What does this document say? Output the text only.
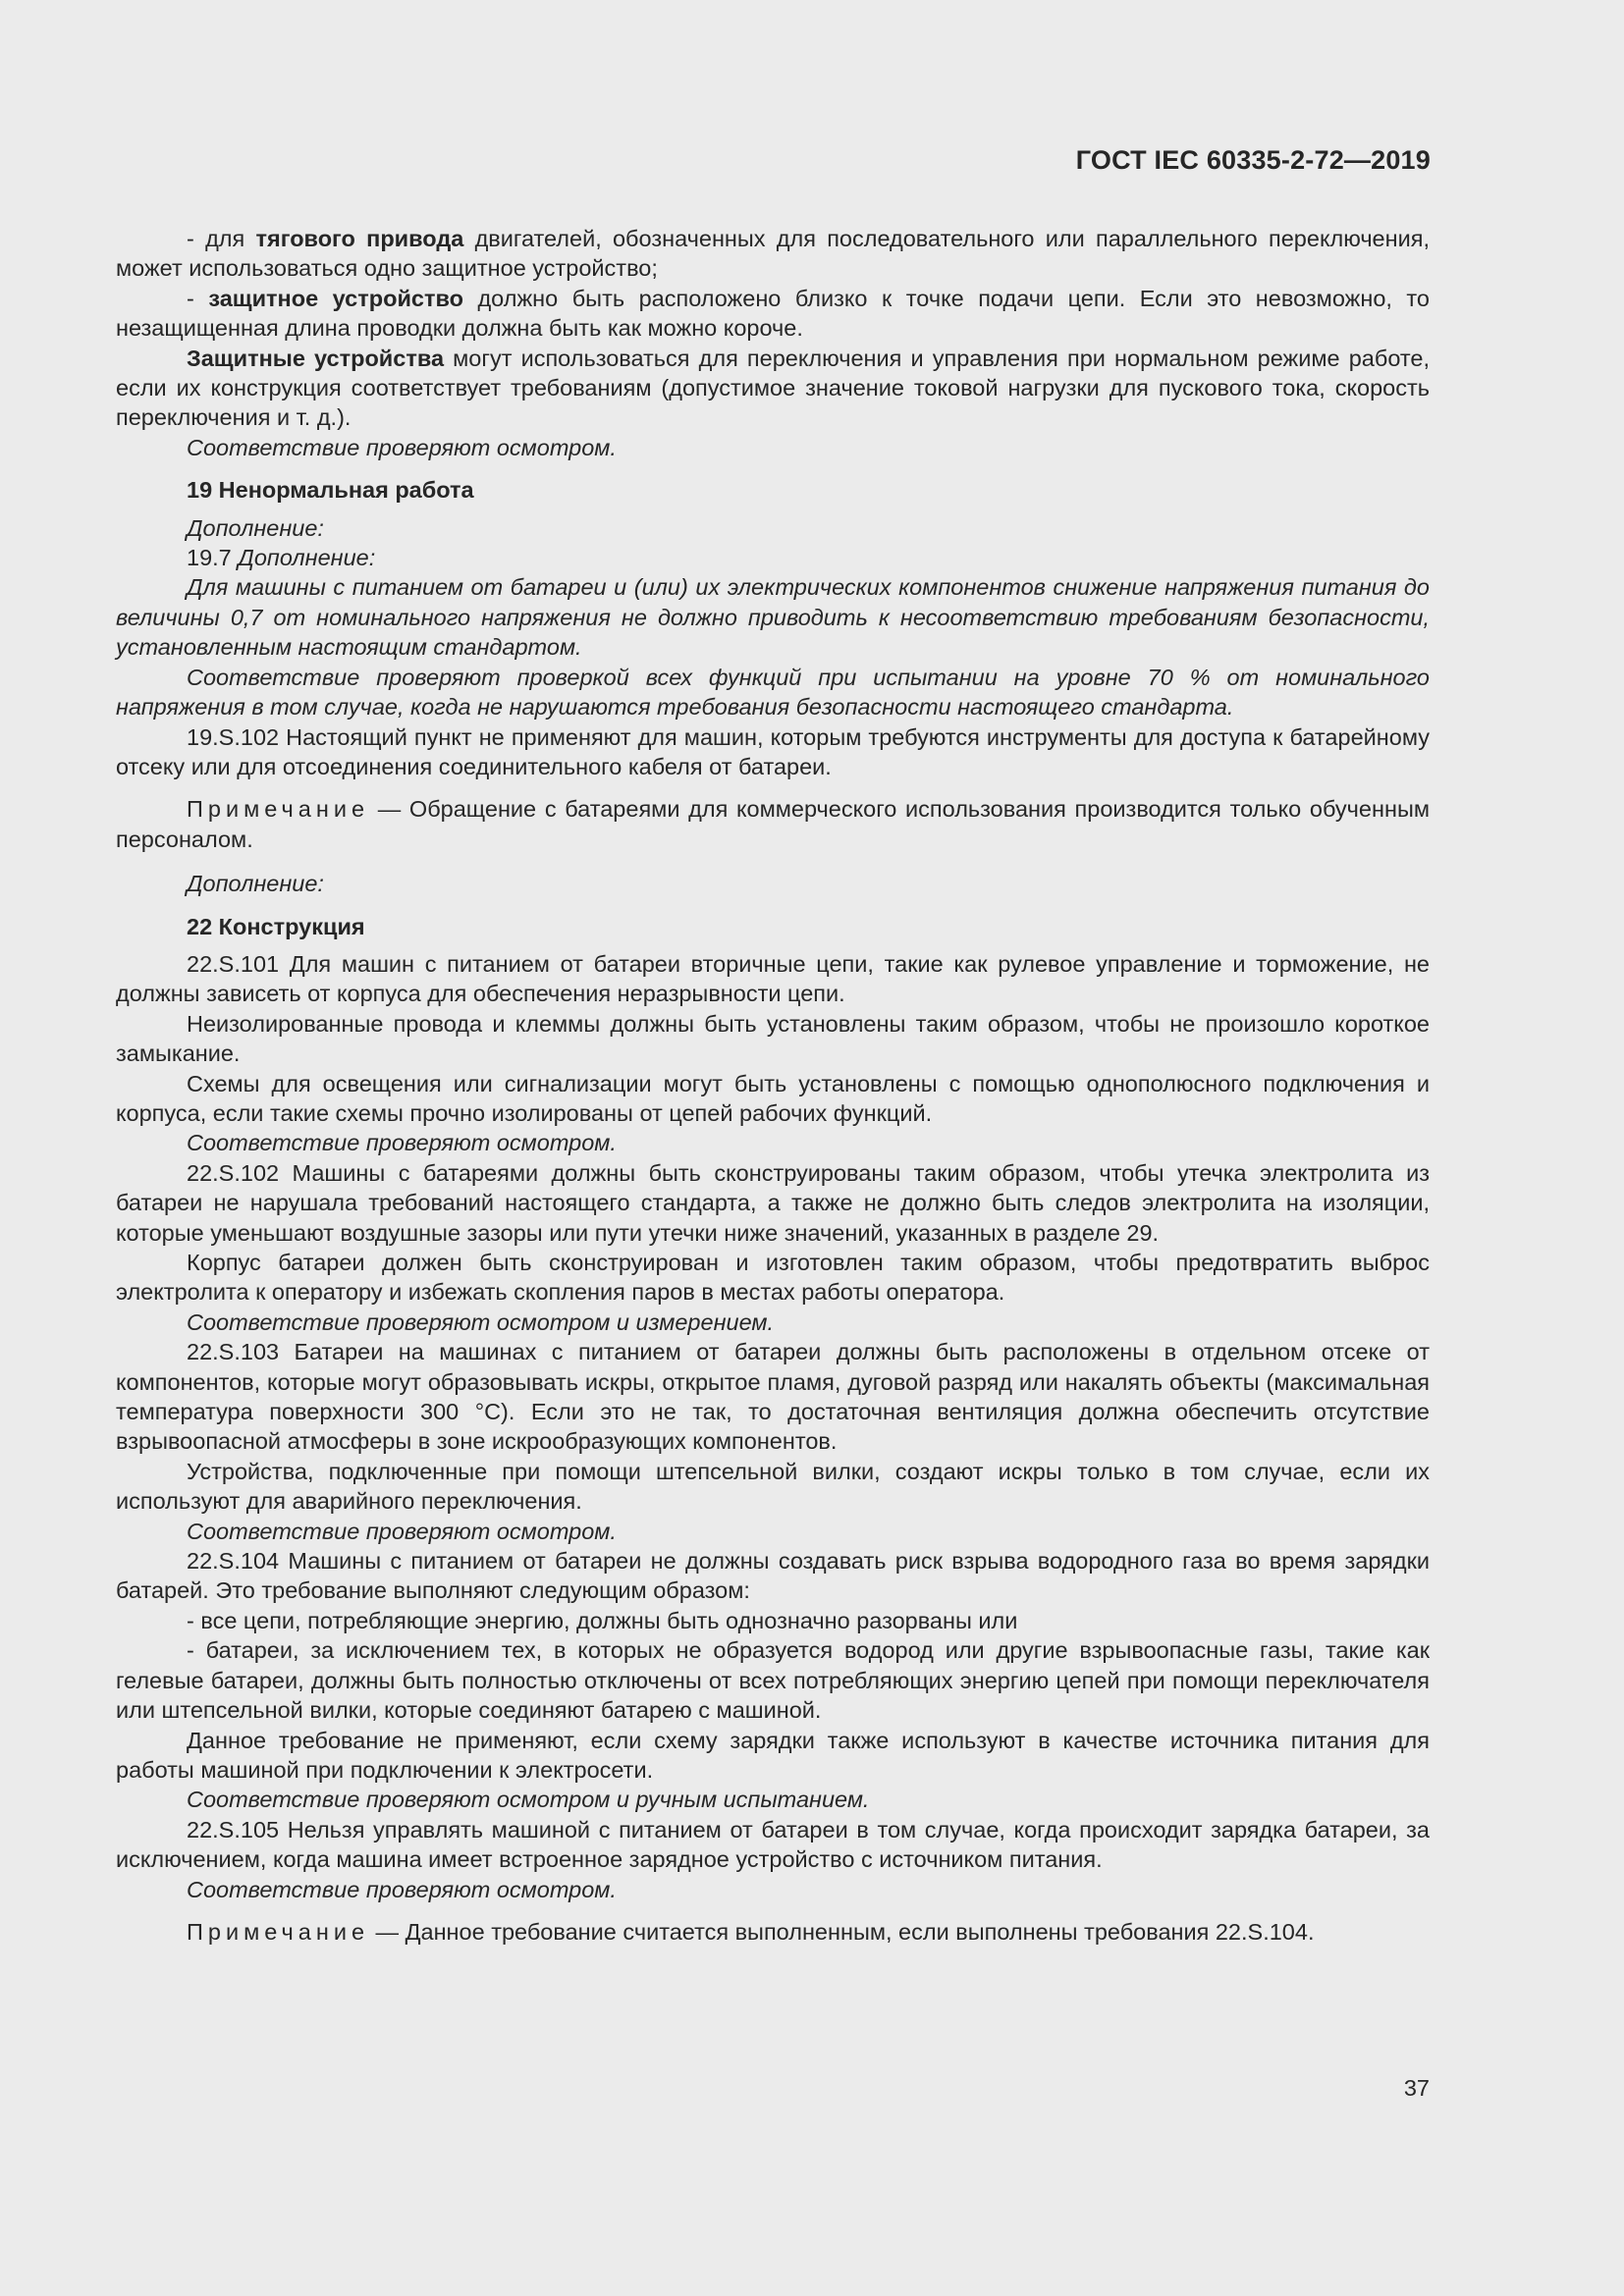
ГОСТ IEC 60335-2-72—2019

- для тягового привода двигателей, обозначенных для последовательного или параллельного переключения, может использоваться одно защитное устройство;

- защитное устройство должно быть расположено близко к точке подачи цепи. Если это невозможно, то незащищенная длина проводки должна быть как можно короче.

Защитные устройства могут использоваться для переключения и управления при нормальном режиме работе, если их конструкция соответствует требованиям (допустимое значение токовой нагрузки для пускового тока, скорость переключения и т. д.).

Соответствие проверяют осмотром.

19 Ненормальная работа

Дополнение:

19.7 Дополнение:

Для машины с питанием от батареи и (или) их электрических компонентов снижение напряжения питания до величины 0,7 от номинального напряжения не должно приводить к несоответствию требованиям безопасности, установленным настоящим стандартом.

Соответствие проверяют проверкой всех функций при испытании на уровне 70 % от номинального напряжения в том случае, когда не нарушаются требования безопасности настоящего стандарта.

19.S.102 Настоящий пункт не применяют для машин, которым требуются инструменты для доступа к батарейному отсеку или для отсоединения соединительного кабеля от батареи.

Примечание — Обращение с батареями для коммерческого использования производится только обученным персоналом.

Дополнение:

22 Конструкция

22.S.101 Для машин с питанием от батареи вторичные цепи, такие как рулевое управление и торможение, не должны зависеть от корпуса для обеспечения неразрывности цепи.

Неизолированные провода и клеммы должны быть установлены таким образом, чтобы не произошло короткое замыкание.

Схемы для освещения или сигнализации могут быть установлены с помощью однополюсного подключения и корпуса, если такие схемы прочно изолированы от цепей рабочих функций.

Соответствие проверяют осмотром.

22.S.102 Машины с батареями должны быть сконструированы таким образом, чтобы утечка электролита из батареи не нарушала требований настоящего стандарта, а также не должно быть следов электролита на изоляции, которые уменьшают воздушные зазоры или пути утечки ниже значений, указанных в разделе 29.

Корпус батареи должен быть сконструирован и изготовлен таким образом, чтобы предотвратить выброс электролита к оператору и избежать скопления паров в местах работы оператора.

Соответствие проверяют осмотром и измерением.

22.S.103 Батареи на машинах с питанием от батареи должны быть расположены в отдельном отсеке от компонентов, которые могут образовывать искры, открытое пламя, дуговой разряд или накалять объекты (максимальная температура поверхности 300 °С). Если это не так, то достаточная вентиляция должна обеспечить отсутствие взрывоопасной атмосферы в зоне искрообразующих компонентов.

Устройства, подключенные при помощи штепсельной вилки, создают искры только в том случае, если их используют для аварийного переключения.

Соответствие проверяют осмотром.

22.S.104 Машины с питанием от батареи не должны создавать риск взрыва водородного газа во время зарядки батарей. Это требование выполняют следующим образом:

- все цепи, потребляющие энергию, должны быть однозначно разорваны или

- батареи, за исключением тех, в которых не образуется водород или другие взрывоопасные газы, такие как гелевые батареи, должны быть полностью отключены от всех потребляющих энергию цепей при помощи переключателя или штепсельной вилки, которые соединяют батарею с машиной.

Данное требование не применяют, если схему зарядки также используют в качестве источника питания для работы машиной при подключении к электросети.

Соответствие проверяют осмотром и ручным испытанием.

22.S.105 Нельзя управлять машиной с питанием от батареи в том случае, когда происходит зарядка батареи, за исключением, когда машина имеет встроенное зарядное устройство с источником питания.

Соответствие проверяют осмотром.

Примечание — Данное требование считается выполненным, если выполнены требования 22.S.104.

37
